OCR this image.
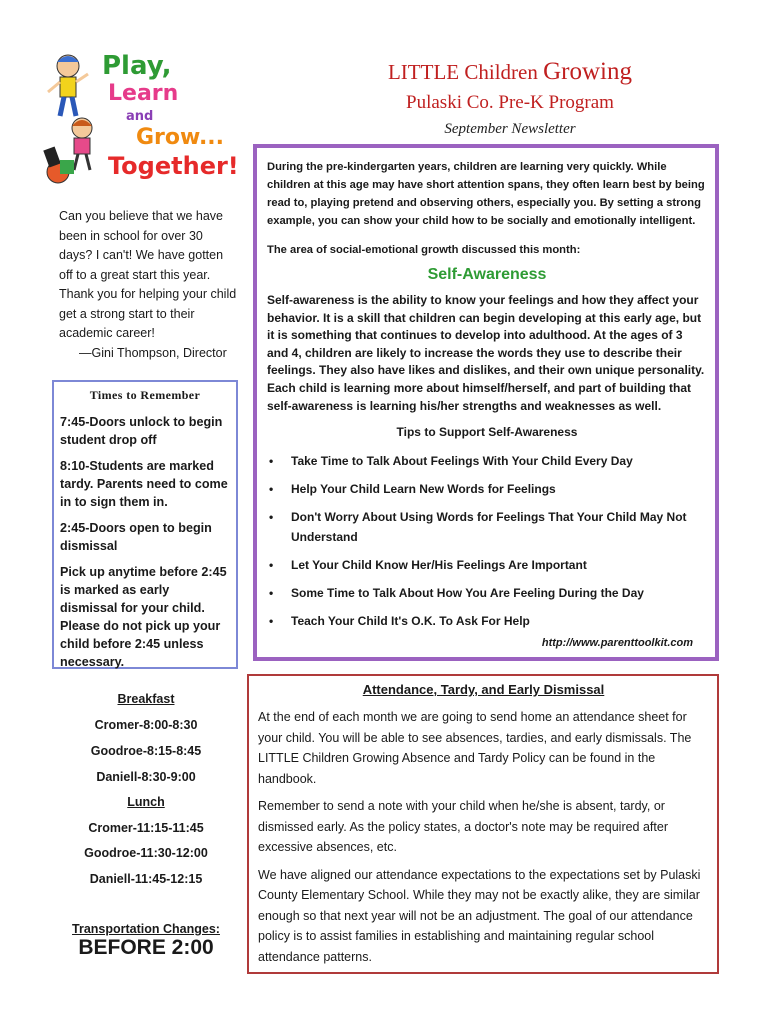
Play,
Learn
and
Grow...
Together!
LITTLE Children Growing
Pulaski Co. Pre-K Program
September Newsletter
Can you believe that we have been in school for over 30 days? I can't! We have gotten off to a great start this year. Thank you for helping your child get a strong start to their academic career!
—Gini Thompson, Director
Times to Remember

7:45-Doors unlock to begin student drop off

8:10-Students are marked tardy. Parents need to come in to sign them in.

2:45-Doors open to begin dismissal

Pick up anytime before 2:45 is marked as early dismissal for your child. Please do not pick up your child before 2:45 unless necessary.

Breakfast
Cromer-8:00-8:30
Goodroe-8:15-8:45
Daniell-8:30-9:00
Lunch
Cromer-11:15-11:45
Goodroe-11:30-12:00
Daniell-11:45-12:15
Transportation Changes:
BEFORE 2:00
During the pre-kindergarten years, children are learning very quickly. While children at this age may have short attention spans, they often learn best by being read to, playing pretend and observing others, especially you. By setting a strong example, you can show your child how to be socially and emotionally intelligent.
The area of social-emotional growth discussed this month:
Self-Awareness
Self-awareness is the ability to know your feelings and how they affect your behavior. It is a skill that children can begin developing at this early age, but it is something that continues to develop into adulthood. At the ages of 3 and 4, children are likely to increase the words they use to describe their feelings. They also have likes and dislikes, and their own unique personality. Each child is learning more about himself/herself, and part of building that self-awareness is learning his/her strengths and weaknesses as well.
Tips to Support Self-Awareness
• Take Time to Talk About Feelings With Your Child Every Day
• Help Your Child Learn New Words for Feelings
• Don't Worry About Using Words for Feelings That Your Child May Not Understand
• Let Your Child Know Her/His Feelings Are Important
• Some Time to Talk About How You Are Feeling During the Day
• Teach Your Child It's O.K. To Ask For Help
http://www.parenttoolkit.com
Attendance, Tardy, and Early Dismissal

At the end of each month we are going to send home an attendance sheet for your child. You will be able to see absences, tardies, and early dismissals. The LITTLE Children Growing Absence and Tardy Policy can be found in the handbook.

Remember to send a note with your child when he/she is absent, tardy, or dismissed early. As the policy states, a doctor's note may be required after excessive absences, etc.

We have aligned our attendance expectations to the expectations set by Pulaski County Elementary School. While they may not be exactly alike, they are similar enough so that next year will not be an adjustment. The goal of our attendance policy is to assist families in establishing and maintaining regular school attendance patterns.
